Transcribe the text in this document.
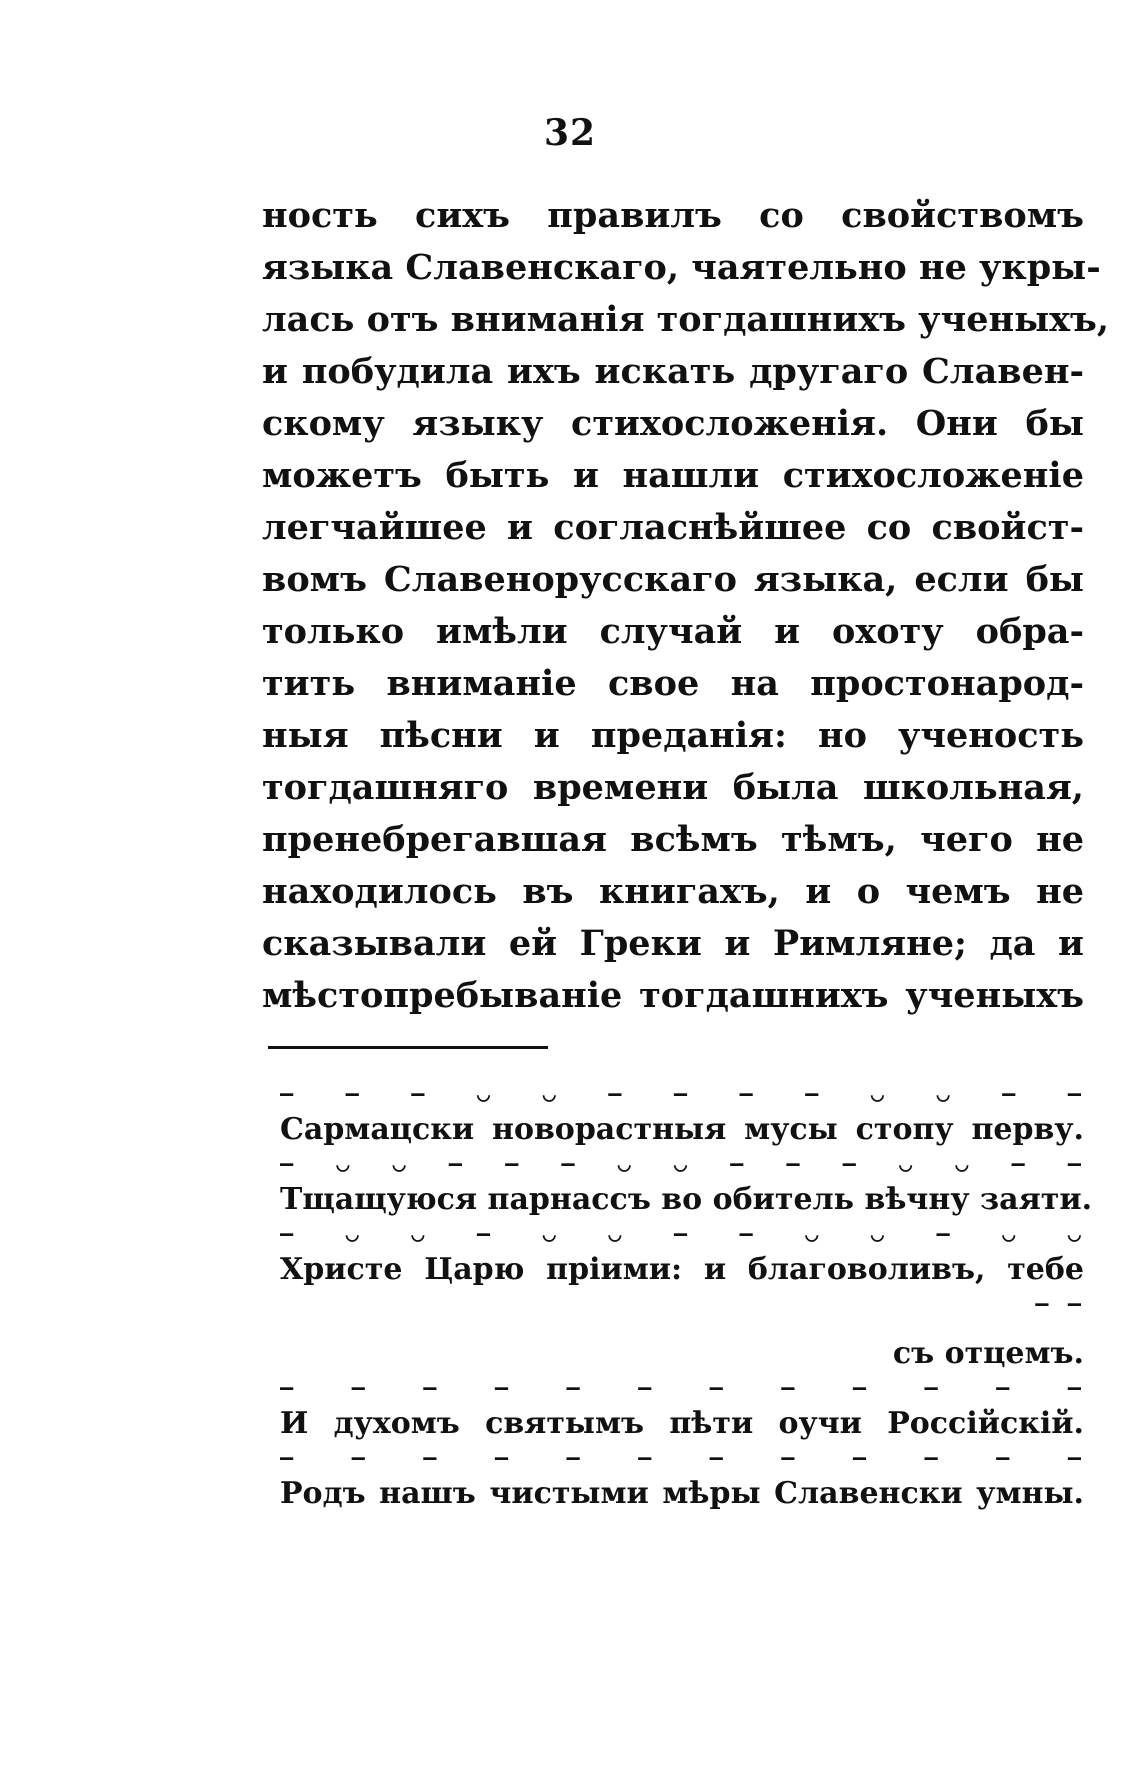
32
ность сихъ правилъ со свойствомъ
языка Славенскаго, чаятельно не укры-
лась отъ вниманія тогдашнихъ ученыхъ,
и побудила ихъ искать другаго Славен-
скому языку стихосложенія. Они бы
можетъ быть и нашли стихосложеніе
легчайшее и согласнѣйшее со свойст-
вомъ Славенорусскаго языка, если бы
только имѣли случай и охоту обра-
тить вниманіе свое на простонарод-
ныя пѣсни и преданія: но ученость
тогдашняго времени была школьная,
пренебрегавшая всѣмъ тѣмъ, чего не
находилось въ книгахъ, и о чемъ не
сказывали ей Греки и Римляне; да и
мѣстопребываніе тогдашнихъ ученыхъ
— — — ◡ ◡ — — — — ◡ ◡ — —
Сармацски новорастныя мусы стопу перву.
— ◡ ◡ — — — ◡ ◡ — — — ◡ ◡ — —
Тщащуюся парнассъ во обитель вѣчну заяти.
— ◡ ◡ — ◡ ◡ — — ◡ ◡ — ◡ ◡
Христе Царю пріими: и благоволивъ, тебе
— —
съ отцемъ.
— — — — — — — — — — — —
И духомъ святымъ пѣти оучи Россійскій.
— — — — — — — — — — — —
Родъ нашъ чистыми мѣры Славенски умны.
